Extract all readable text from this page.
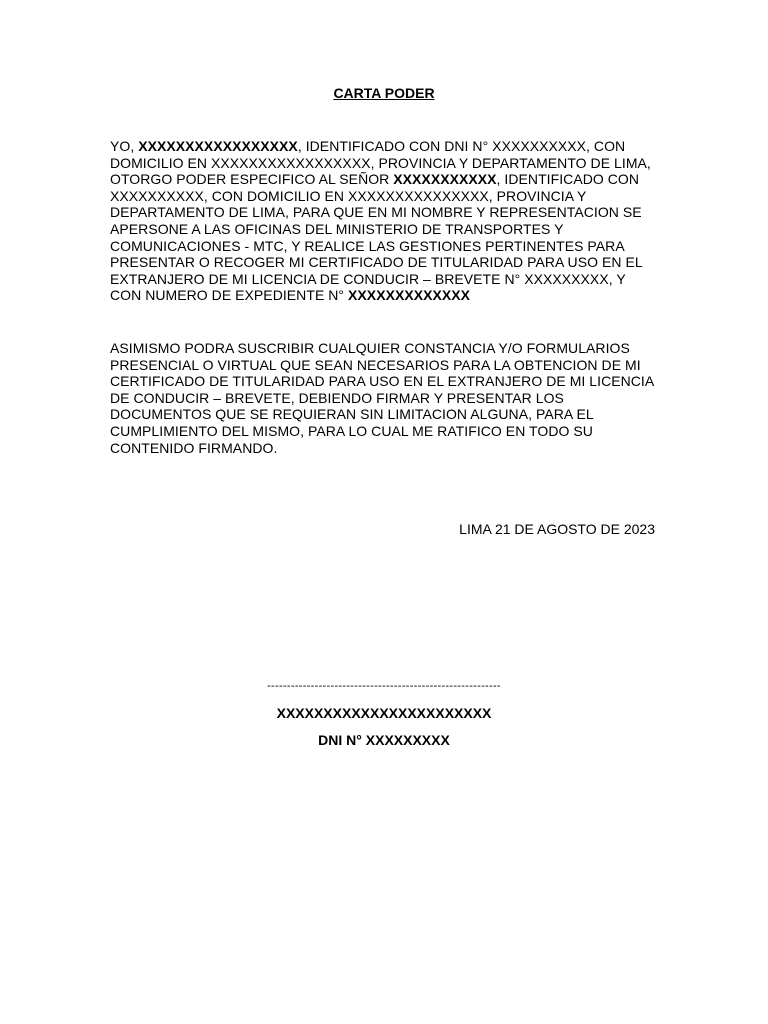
CARTA PODER

YO, XXXXXXXXXXXXXXXXX, IDENTIFICADO CON DNI N° XXXXXXXXXX, CON DOMICILIO EN XXXXXXXXXXXXXXXXX, PROVINCIA Y DEPARTAMENTO DE LIMA, OTORGO PODER ESPECIFICO AL SEÑOR XXXXXXXXXXX, IDENTIFICADO CON XXXXXXXXXX, CON DOMICILIO EN XXXXXXXXXXXXXXX, PROVINCIA Y DEPARTAMENTO DE LIMA, PARA QUE EN MI NOMBRE Y REPRESENTACION SE APERSONE A LAS OFICINAS DEL MINISTERIO DE TRANSPORTES Y COMUNICACIONES - MTC, Y REALICE LAS GESTIONES PERTINENTES PARA PRESENTAR O RECOGER MI CERTIFICADO DE TITULARIDAD PARA USO EN EL EXTRANJERO DE MI LICENCIA DE CONDUCIR – BREVETE N° XXXXXXXXX, Y CON NUMERO DE EXPEDIENTE N° XXXXXXXXXXXXX

ASIMISMO PODRA SUSCRIBIR CUALQUIER CONSTANCIA Y/O FORMULARIOS PRESENCIAL O VIRTUAL QUE SEAN NECESARIOS PARA LA OBTENCION DE MI CERTIFICADO DE TITULARIDAD PARA USO EN EL EXTRANJERO DE MI LICENCIA DE CONDUCIR – BREVETE, DEBIENDO FIRMAR Y PRESENTAR LOS DOCUMENTOS QUE SE REQUIERAN SIN LIMITACION ALGUNA, PARA EL CUMPLIMIENTO DEL MISMO, PARA LO CUAL ME RATIFICO EN TODO SU CONTENIDO FIRMANDO.

LIMA 21 DE AGOSTO DE 2023

-----------------------------------------------------------

XXXXXXXXXXXXXXXXXXXXXXX

DNI N° XXXXXXXXX
